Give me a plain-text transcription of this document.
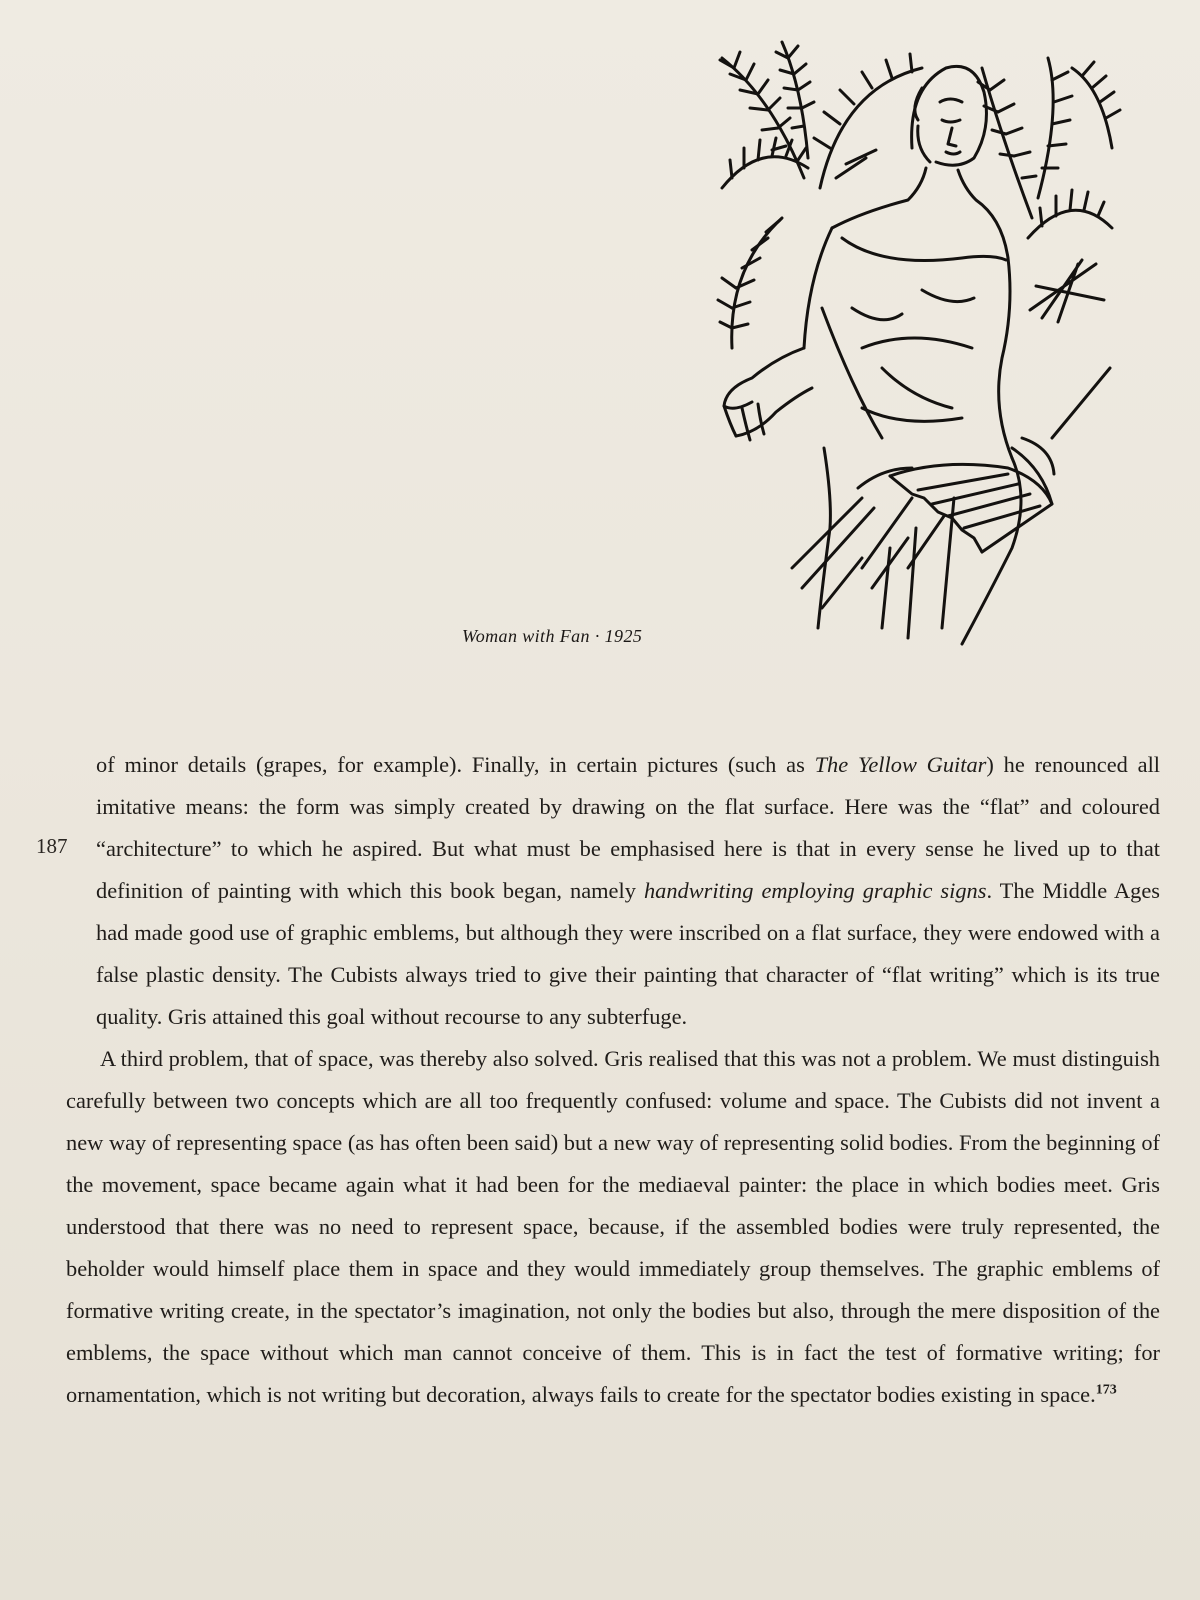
Woman with Fan · 1925
187

of minor details (grapes, for example). Finally, in certain pictures (such as The Yellow Guitar) he renounced all imitative means: the form was simply created by drawing on the flat surface. Here was the “flat” and coloured “architecture” to which he aspired. But what must be emphasised here is that in every sense he lived up to that definition of painting with which this book began, namely handwriting employing graphic signs. The Middle Ages had made good use of graphic emblems, but although they were inscribed on a flat surface, they were endowed with a false plastic density. The Cubists always tried to give their painting that character of “flat writing” which is its true quality. Gris attained this goal without recourse to any subterfuge.

A third problem, that of space, was thereby also solved. Gris realised that this was not a problem. We must distinguish carefully between two concepts which are all too frequently confused: volume and space. The Cubists did not invent a new way of representing space (as has often been said) but a new way of representing solid bodies. From the beginning of the movement, space became again what it had been for the mediaeval painter: the place in which bodies meet. Gris understood that there was no need to represent space, because, if the assembled bodies were truly represented, the beholder would himself place them in space and they would immediately group themselves. The graphic emblems of formative writing create, in the spectator’s imagination, not only the bodies but also, through the mere disposition of the emblems, the space without which man cannot conceive of them. This is in fact the test of formative writing; for ornamentation, which is not writing but decoration, always fails to create for the spectator bodies existing in space.$^{173}$
